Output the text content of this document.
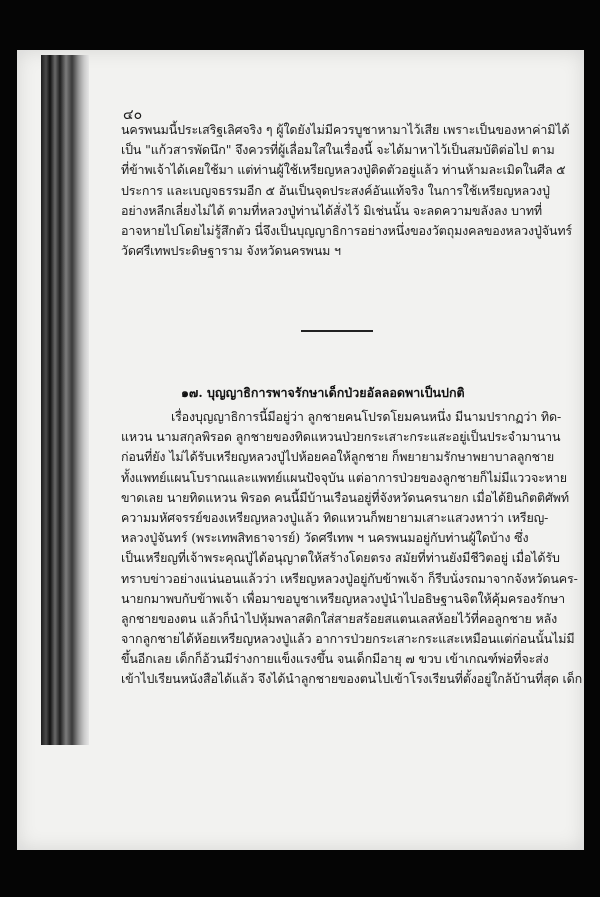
๔๐
นครพนมนี้ประเสริฐเลิศจริง ๆ ผู้ใดยังไม่มีควรบูชาหามาไว้เสีย เพราะเป็นของหาค่ามิได้
เป็น "แก้วสารพัดนึก" จึงควรที่ผู้เลื่อมใสในเรื่องนี้ จะได้มาหาไว้เป็นสมบัติต่อไป ตาม
ที่ข้าพเจ้าได้เคยใช้มา แต่ท่านผู้ใช้เหรียญหลวงปู่ติดตัวอยู่แล้ว ท่านห้ามละเมิดในศีล ๕
ประการ และเบญจธรรมอีก ๕ อันเป็นจุดประสงค์อันแท้จริง ในการใช้เหรียญหลวงปู่
อย่างหลีกเลี่ยงไม่ได้ ตามที่หลวงปู่ท่านได้สั่งไว้ มิเช่นนั้น จะลดความขลังลง บาทที่
อาจหายไปโดยไม่รู้สึกตัว นี่จึงเป็นบุญญาธิการอย่างหนึ่งของวัตถุมงคลของหลวงปู่จันทร์
วัดศรีเทพประดิษฐาราม จังหวัดนครพนม ฯ
๑๗. บุญญาธิการพาจรักษาเด็กป่วยอัลลอดพาเป็นปกติ
เรื่องบุญญาธิการนี้มีอยู่ว่า ลูกชายคนโปรดโยมคนหนึ่ง มีนามปรากฏว่า ทิด-
แหวน นามสกุลพิรอด ลูกชายของทิดแหวนป่วยกระเสาะกระแสะอยู่เป็นประจำมานาน
ก่อนที่ยัง ไม่ได้รับเหรียญหลวงปู่ไปห้อยคอให้ลูกชาย ก็พยายามรักษาพยาบาลลูกชาย
ทั้งแพทย์แผนโบราณและแพทย์แผนปัจจุบัน แต่อาการป่วยของลูกชายก็ไม่มีแววจะหาย
ขาดเลย นายทิดแหวน พิรอด คนนี้มีบ้านเรือนอยู่ที่จังหวัดนครนายก เมื่อได้ยินกิตติศัพท์
ความมหัศจรรย์ของเหรียญหลวงปู่แล้ว ทิดแหวนก็พยายามเสาะแสวงหาว่า เหรียญ-
หลวงปู่จันทร์ (พระเทพสิทธาจารย์) วัดศรีเทพ ฯ นครพนมอยู่กับท่านผู้ใดบ้าง ซึ่ง
เป็นเหรียญที่เจ้าพระคุณปู่ได้อนุญาตให้สร้างโดยตรง สมัยที่ท่านยังมีชีวิตอยู่ เมื่อได้รับ
ทราบข่าวอย่างแน่นอนแล้วว่า เหรียญหลวงปู่อยู่กับข้าพเจ้า ก็รีบนั่งรถมาจากจังหวัดนคร-
นายกมาพบกับข้าพเจ้า เพื่อมาขอบูชาเหรียญหลวงปู่นำไปอธิษฐานจิตให้คุ้มครองรักษา
ลูกชายของตน แล้วก็นำไปหุ้มพลาสติกใส่สายสร้อยสแตนเลสห้อยไว้ที่คอลูกชาย หลัง
จากลูกชายได้ห้อยเหรียญหลวงปู่แล้ว อาการป่วยกระเสาะกระแสะเหมือนแต่ก่อนนั้นไม่มี
ขึ้นอีกเลย เด็กก็อ้วนมีร่างกายแข็งแรงขึ้น จนเด็กมีอายุ ๗ ขวบ เข้าเกณฑ์พ่อที่จะส่ง
เข้าไปเรียนหนังสือได้แล้ว จึงได้นำลูกชายของตนไปเข้าโรงเรียนที่ตั้งอยู่ใกล้บ้านที่สุด เด็ก
